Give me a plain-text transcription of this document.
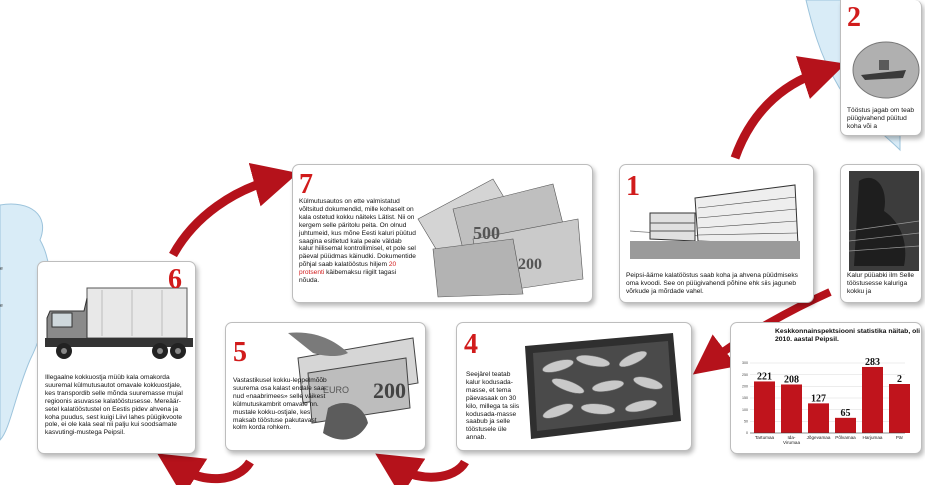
e
e
6
Illegaalne kokkuostja müüb kala omakorda suuremal külmutusautot omavale kokkuostjale, kes transpordib selle mõnda suuremasse mujal regioonis asuvasse kalatööstusesse. Mereäär-setel kalatööstustel on Eestis pidev ahvena ja koha puudus, sest kuigi Liivi lahes püügikvoote pole, ei ole kala seal nii palju kui soodsamate kasvutingi-mustega Peipsil.
200
EURO
5
Vastastikusel kokku-leppelmõõb suurema osa kalast endale saa-nud «naabrimees» selle väikest külmutuskambrit omavale nn. mustale kokku-ostjale, kes maksab tööstuse pakutavast kolm korda rohkem.
4
Seejärel teatab kalur kodusada-masse, et tema päevasaak on 30 kilo, millega ta siis kodusada-masse saabub ja selle tööstusele üle annab.
7
Külmutusautos on ette valmistatud võltsitud dokumendid, mille kohaselt on kala ostetud kokku näiteks Lätist. Nii on kergem selle päritolu peita. On olnud juhtumeid, kus mõne Eesti kaluri püütud saagina esitletud kala peale väldab kalur hiilisemal kontrollimisel, et pole sel päeval püüdmas käinudki. Dokumentide põhjal saab kalatööstus hiljem 20 protsenti käibemaksu riigilt tagasi nõuda.
500
200
1
Peipsi-äärne kalatööstus saab koha ja ahvena püüdmiseks oma kvoodi. See on püügivahendi põhine ehk siis jaguneb võrkude ja mõrdade vahel.
2
Tööstus jagab om teab püügivahend püütud koha või a
Kalur püüabki ilm Selle tööstusesse kaluriga kokku ja
Keskkonnainspektsiooni statistika näitab, oli 2010. aastal Peipsil.
300
250
200
150
100
50
0
221
Tartumaa
208
Ida-
Virumaa
127
Jõgevamaa
65
Põlvamaa
283
Harjumaa
2
Pär
